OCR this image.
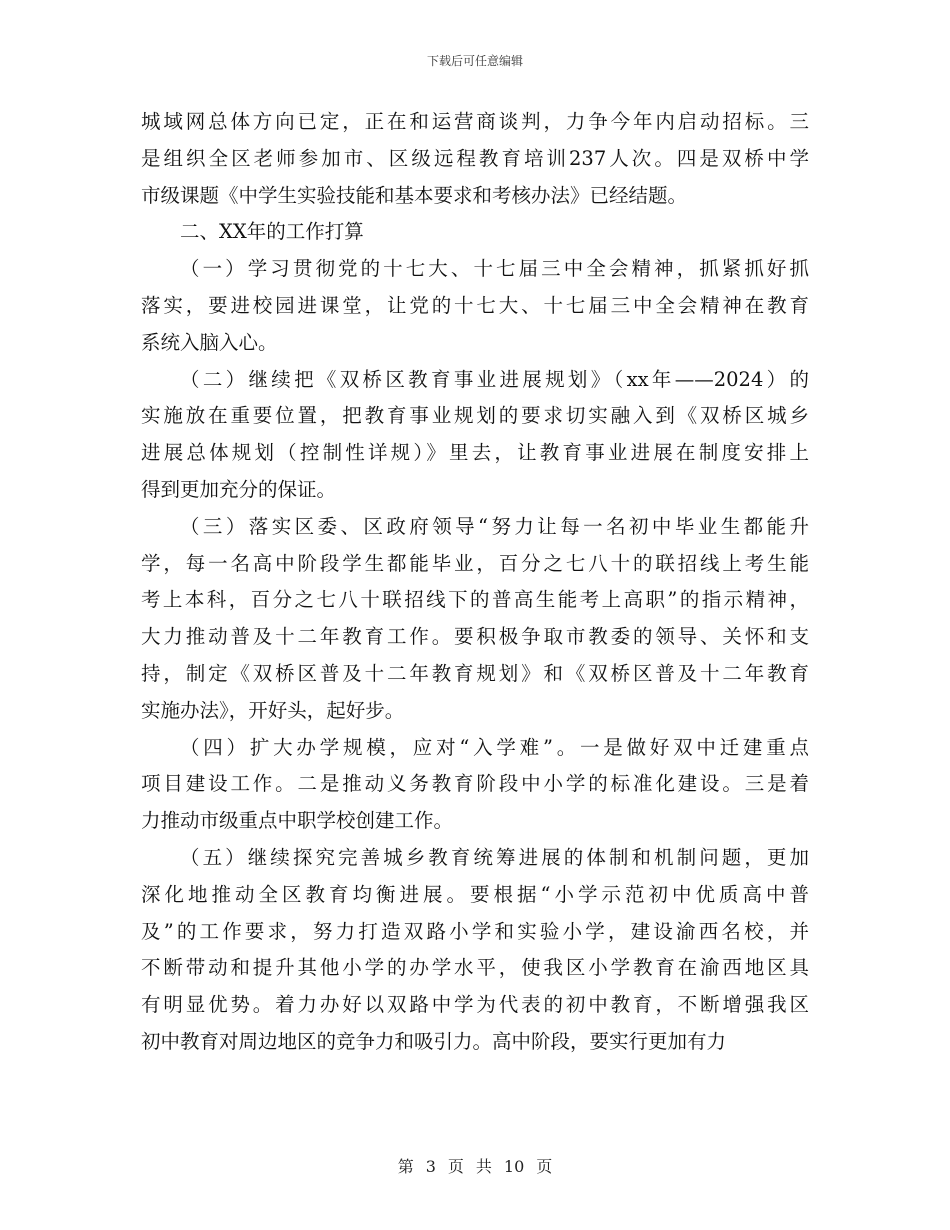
下载后可任意编辑
城域网总体方向已定，正在和运营商谈判，力争今年内启动招标。三
是组织全区老师参加市、区级远程教育培训237人次。四是双桥中学
市级课题《中学生实验技能和基本要求和考核办法》已经结题。
二、XX年的工作打算
（一）学习贯彻党的十七大、十七届三中全会精神，抓紧抓好抓
落实，要进校园进课堂，让党的十七大、十七届三中全会精神在教育
系统入脑入心。
（二）继续把《双桥区教育事业进展规划》（xx年——2024）的
实施放在重要位置，把教育事业规划的要求切实融入到《双桥区城乡
进展总体规划（控制性详规）》里去，让教育事业进展在制度安排上
得到更加充分的保证。
（三）落实区委、区政府领导“努力让每一名初中毕业生都能升
学，每一名高中阶段学生都能毕业，百分之七八十的联招线上考生能
考上本科，百分之七八十联招线下的普高生能考上高职”的指示精神，
大力推动普及十二年教育工作。要积极争取市教委的领导、关怀和支
持，制定《双桥区普及十二年教育规划》和《双桥区普及十二年教育
实施办法》，开好头，起好步。
（四）扩大办学规模，应对“入学难”。一是做好双中迁建重点
项目建设工作。二是推动义务教育阶段中小学的标准化建设。三是着
力推动市级重点中职学校创建工作。
（五）继续探究完善城乡教育统筹进展的体制和机制问题，更加
深化地推动全区教育均衡进展。要根据“小学示范初中优质高中普
及”的工作要求，努力打造双路小学和实验小学，建设渝西名校，并
不断带动和提升其他小学的办学水平，使我区小学教育在渝西地区具
有明显优势。着力办好以双路中学为代表的初中教育，不断增强我区
初中教育对周边地区的竞争力和吸引力。高中阶段，要实行更加有力
第 3 页 共 10 页
